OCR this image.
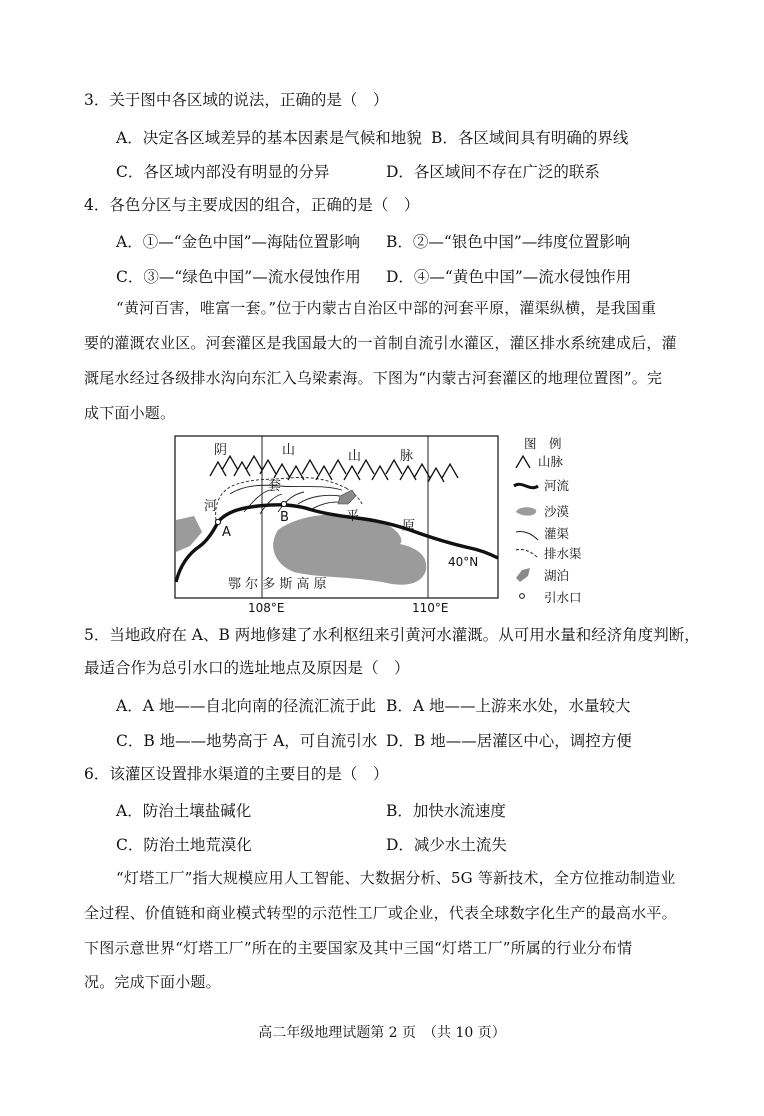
3．关于图中各区域的说法，正确的是（　）
A．决定各区域差异的基本因素是气候和地貌 B．各区域间具有明确的界线
C．各区域内部没有明显的分异	D．各区域间不存在广泛的联系
4．各色分区与主要成因的组合，正确的是（　）
A．①—“金色中国”—海陆位置影响 B．②—“银色中国”—纬度位置影响
C．③—“绿色中国”—流水侵蚀作用 D．④—“黄色中国”—流水侵蚀作用
“黄河百害，唯富一套。”位于内蒙古自治区中部的河套平原，灌渠纵横，是我国重
要的灌溉农业区。河套灌区是我国最大的一首制自流引水灌区，灌区排水系统建成后，灌
溉尾水经过各级排水沟向东汇入乌梁素海。下图为“内蒙古河套灌区的地理位置图”。完
成下面小题。
阴	山	山	脉
河
套
平
原
A
B
40°N
鄂 尔 多 斯 高 原
108°E	110°E
图　例
山脉
河流
沙漠
灌渠
排水渠
湖泊
引水口
5．当地政府在 A、B 两地修建了水利枢纽来引黄河水灌溉。从可用水量和经济角度判断，
最适合作为总引水口的选址地点及原因是（　）
A．A 地——自北向南的径流汇流于此 B．A 地——上游来水处，水量较大
C．B 地——地势高于 A，可自流引水 D．B 地——居灌区中心，调控方便
6．该灌区设置排水渠道的主要目的是（　）
A．防治土壤盐碱化	B．加快水流速度
C．防治土地荒漠化	D．减少水土流失
“灯塔工厂”指大规模应用人工智能、大数据分析、5G 等新技术，全方位推动制造业
全过程、价值链和商业模式转型的示范性工厂或企业，代表全球数字化生产的最高水平。
下图示意世界“灯塔工厂”所在的主要国家及其中三国“灯塔工厂”所属的行业分布情
况。完成下面小题。
高二年级地理试题第 2 页　（共 10 页）
